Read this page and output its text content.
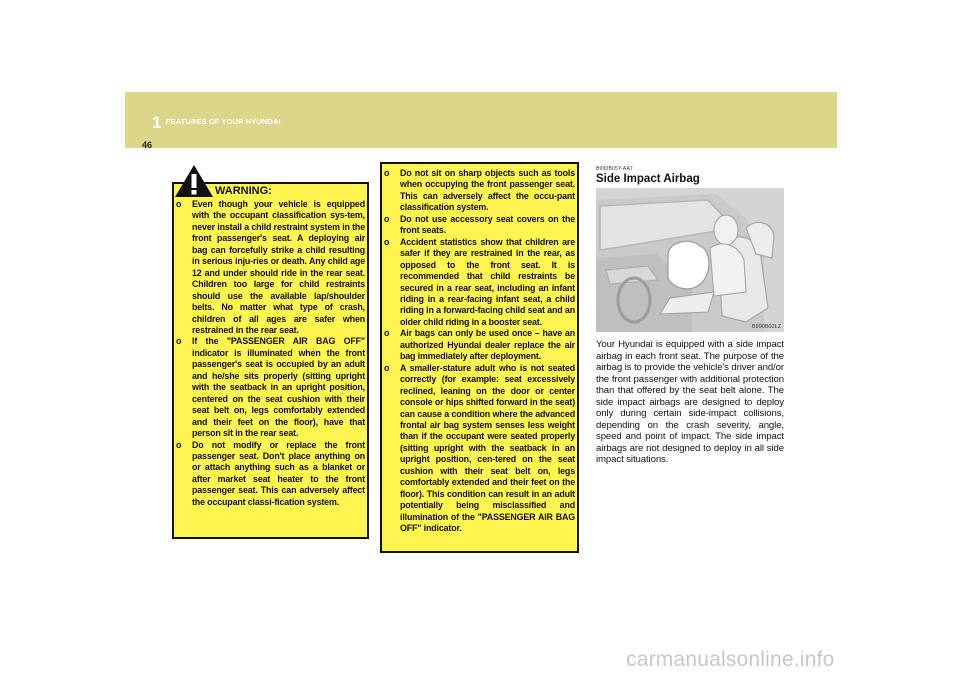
1 FEATURES OF YOUR HYUNDAI
46
WARNING:
o Even though your vehicle is equipped with the occupant classification sys-tem, never install a child restraint system in the front passenger's seat. A deploying air bag can forcefully strike a child resulting in serious inju-ries or death. Any child age 12 and under should ride in the rear seat. Children too large for child restraints should use the available lap/shoulder belts. No matter what type of crash, children of all ages are safer when restrained in the rear seat.
o If the "PASSENGER AIR BAG OFF" indicator is illuminated when the front passenger's seat is occupied by an adult and he/she sits properly (sitting upright with the seatback in an upright position, centered on the seat cushion with their seat belt on, legs comfortably extended and their feet on the floor), have that person sit in the rear seat.
o Do not modify or replace the front passenger seat. Don't place anything on or attach anything such as a blanket or after market seat heater to the front passenger seat. This can adversely affect the occupant classi-fication system.
o Do not sit on sharp objects such as tools when occupying the front passenger seat. This can adversely affect the occu-pant classification system.
o Do not use accessory seat covers on the front seats.
o Accident statistics show that children are safer if they are restrained in the rear, as opposed to the front seat. It is recommended that child restraints be secured in a rear seat, including an infant riding in a rear-facing infant seat, a child riding in a forward-facing child seat and an older child riding in a booster seat.
o Air bags can only be used once – have an authorized Hyundai dealer replace the air bag immediately after deployment.
o A smaller-stature adult who is not seated correctly (for example: seat excessively reclined, leaning on the door or center console or hips shifted forward in the seat) can cause a condition where the advanced frontal air bag system senses less weight than if the occupant were seated properly (sitting upright with the seatback in an upright position, cen-tered on the seat cushion with their seat belt on, legs comfortably extended and their feet on the floor). This condition can result in an adult potentially being misclassified and illumination of the "PASSENGER AIR BAG OFF" indicator.
B990B05Y-AAT
Side Impact Airbag
B990B02LZ

Your Hyundai is equipped with a side impact airbag in each front seat. The purpose of the airbag is to provide the vehicle's driver and/or the front passenger with additional protection than that offered by the seat belt alone. The side impact airbags are designed to deploy only during certain side-impact collisions, depending on the crash severity, angle, speed and point of impact. The side impact airbags are not designed to deploy in all side impact situations.

carmanualsonline.info
